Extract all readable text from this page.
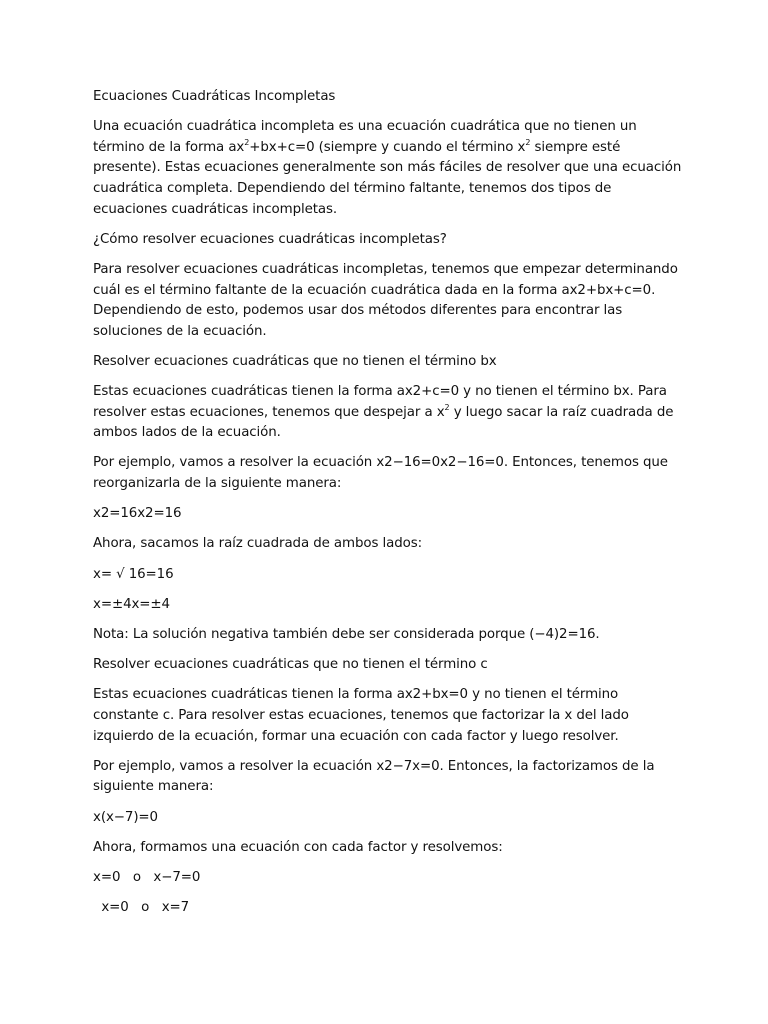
Ecuaciones Cuadráticas Incompletas

Una ecuación cuadrática incompleta es una ecuación cuadrática que no tienen un término de la forma $ax^2+bx+c=0$ (siempre y cuando el término $x^2$ siempre esté presente). Estas ecuaciones generalmente son más fáciles de resolver que una ecuación cuadrática completa. Dependiendo del término faltante, tenemos dos tipos de ecuaciones cuadráticas incompletas.

¿Cómo resolver ecuaciones cuadráticas incompletas?

Para resolver ecuaciones cuadráticas incompletas, tenemos que empezar determinando cuál es el término faltante de la ecuación cuadrática dada en la forma ax2+bx+c=0. Dependiendo de esto, podemos usar dos métodos diferentes para encontrar las soluciones de la ecuación.

Resolver ecuaciones cuadráticas que no tienen el término bx

Estas ecuaciones cuadráticas tienen la forma ax2+c=0 y no tienen el término bx. Para resolver estas ecuaciones, tenemos que despejar a $x^2$ y luego sacar la raíz cuadrada de ambos lados de la ecuación.

Por ejemplo, vamos a resolver la ecuación x2−16=0x2−16=0. Entonces, tenemos que reorganizarla de la siguiente manera:

x2=16x2=16

Ahora, sacamos la raíz cuadrada de ambos lados:

x= √ 16=16

x=±4x=±4

Nota: La solución negativa también debe ser considerada porque (−4)2=16.

Resolver ecuaciones cuadráticas que no tienen el término c

Estas ecuaciones cuadráticas tienen la forma ax2+bx=0 y no tienen el término constante c. Para resolver estas ecuaciones, tenemos que factorizar la x del lado izquierdo de la ecuación, formar una ecuación con cada factor y luego resolver.

Por ejemplo, vamos a resolver la ecuación x2−7x=0. Entonces, la factorizamos de la siguiente manera:

x(x−7)=0

Ahora, formamos una ecuación con cada factor y resolvemos:

x=0   o   x−7=0

x=0   o   x=7
